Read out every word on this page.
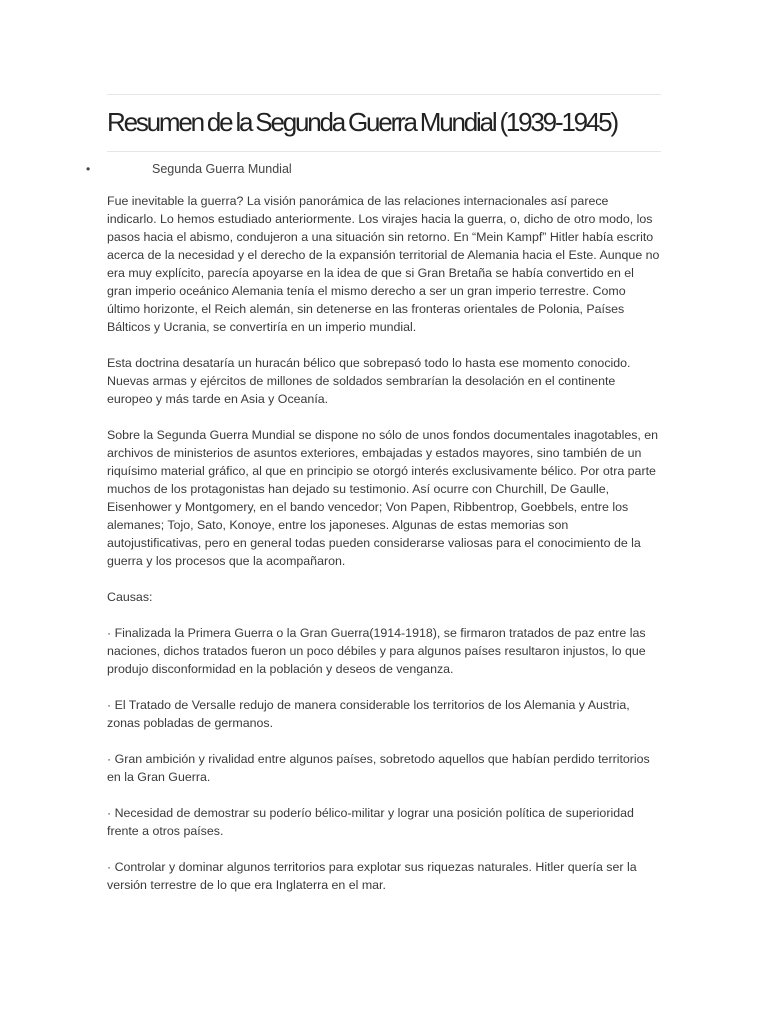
Resumen de la Segunda Guerra Mundial (1939-1945)
•	Segunda Guerra Mundial

Fue inevitable la guerra? La visión panorámica de las relaciones internacionales así parece indicarlo. Lo hemos estudiado anteriormente. Los virajes hacia la guerra, o, dicho de otro modo, los pasos hacia el abismo, condujeron a una situación sin retorno. En “Mein Kampf” Hitler había escrito acerca de la necesidad y el derecho de la expansión territorial de Alemania hacia el Este. Aunque no era muy explícito, parecía apoyarse en la idea de que si Gran Bretaña se había convertido en el gran imperio oceánico Alemania tenía el mismo derecho a ser un gran imperio terrestre. Como último horizonte, el Reich alemán, sin detenerse en las fronteras orientales de Polonia, Países Bálticos y Ucrania, se convertiría en un imperio mundial.

Esta doctrina desataría un huracán bélico que sobrepasó todo lo hasta ese momento conocido. Nuevas armas y ejércitos de millones de soldados sembrarían la desolación en el continente europeo y más tarde en Asia y Oceanía.

Sobre la Segunda Guerra Mundial se dispone no sólo de unos fondos documentales inagotables, en archivos de ministerios de asuntos exteriores, embajadas y estados mayores, sino también de un riquísimo material gráfico, al que en principio se otorgó interés exclusivamente bélico. Por otra parte muchos de los protagonistas han dejado su testimonio. Así ocurre con Churchill, De Gaulle, Eisenhower y Montgomery, en el bando vencedor; Von Papen, Ribbentrop, Goebbels, entre los alemanes; Tojo, Sato, Konoye, entre los japoneses. Algunas de estas memorias son autojustificativas, pero en general todas pueden considerarse valiosas para el conocimiento de la guerra y los procesos que la acompañaron.

Causas:

· Finalizada la Primera Guerra o la Gran Guerra(1914-1918), se firmaron tratados de paz entre las naciones, dichos tratados fueron un poco débiles y para algunos países resultaron injustos, lo que produjo disconformidad en la población y deseos de venganza.

· El Tratado de Versalle redujo de manera considerable los territorios de los Alemania y Austria, zonas pobladas de germanos.

· Gran ambición y rivalidad entre algunos países, sobretodo aquellos que habían perdido territorios en la Gran Guerra.

· Necesidad de demostrar su poderío bélico-militar y lograr una posición política de superioridad frente a otros países.

· Controlar y dominar algunos territorios para explotar sus riquezas naturales. Hitler quería ser la versión terrestre de lo que era Inglaterra en el mar.
